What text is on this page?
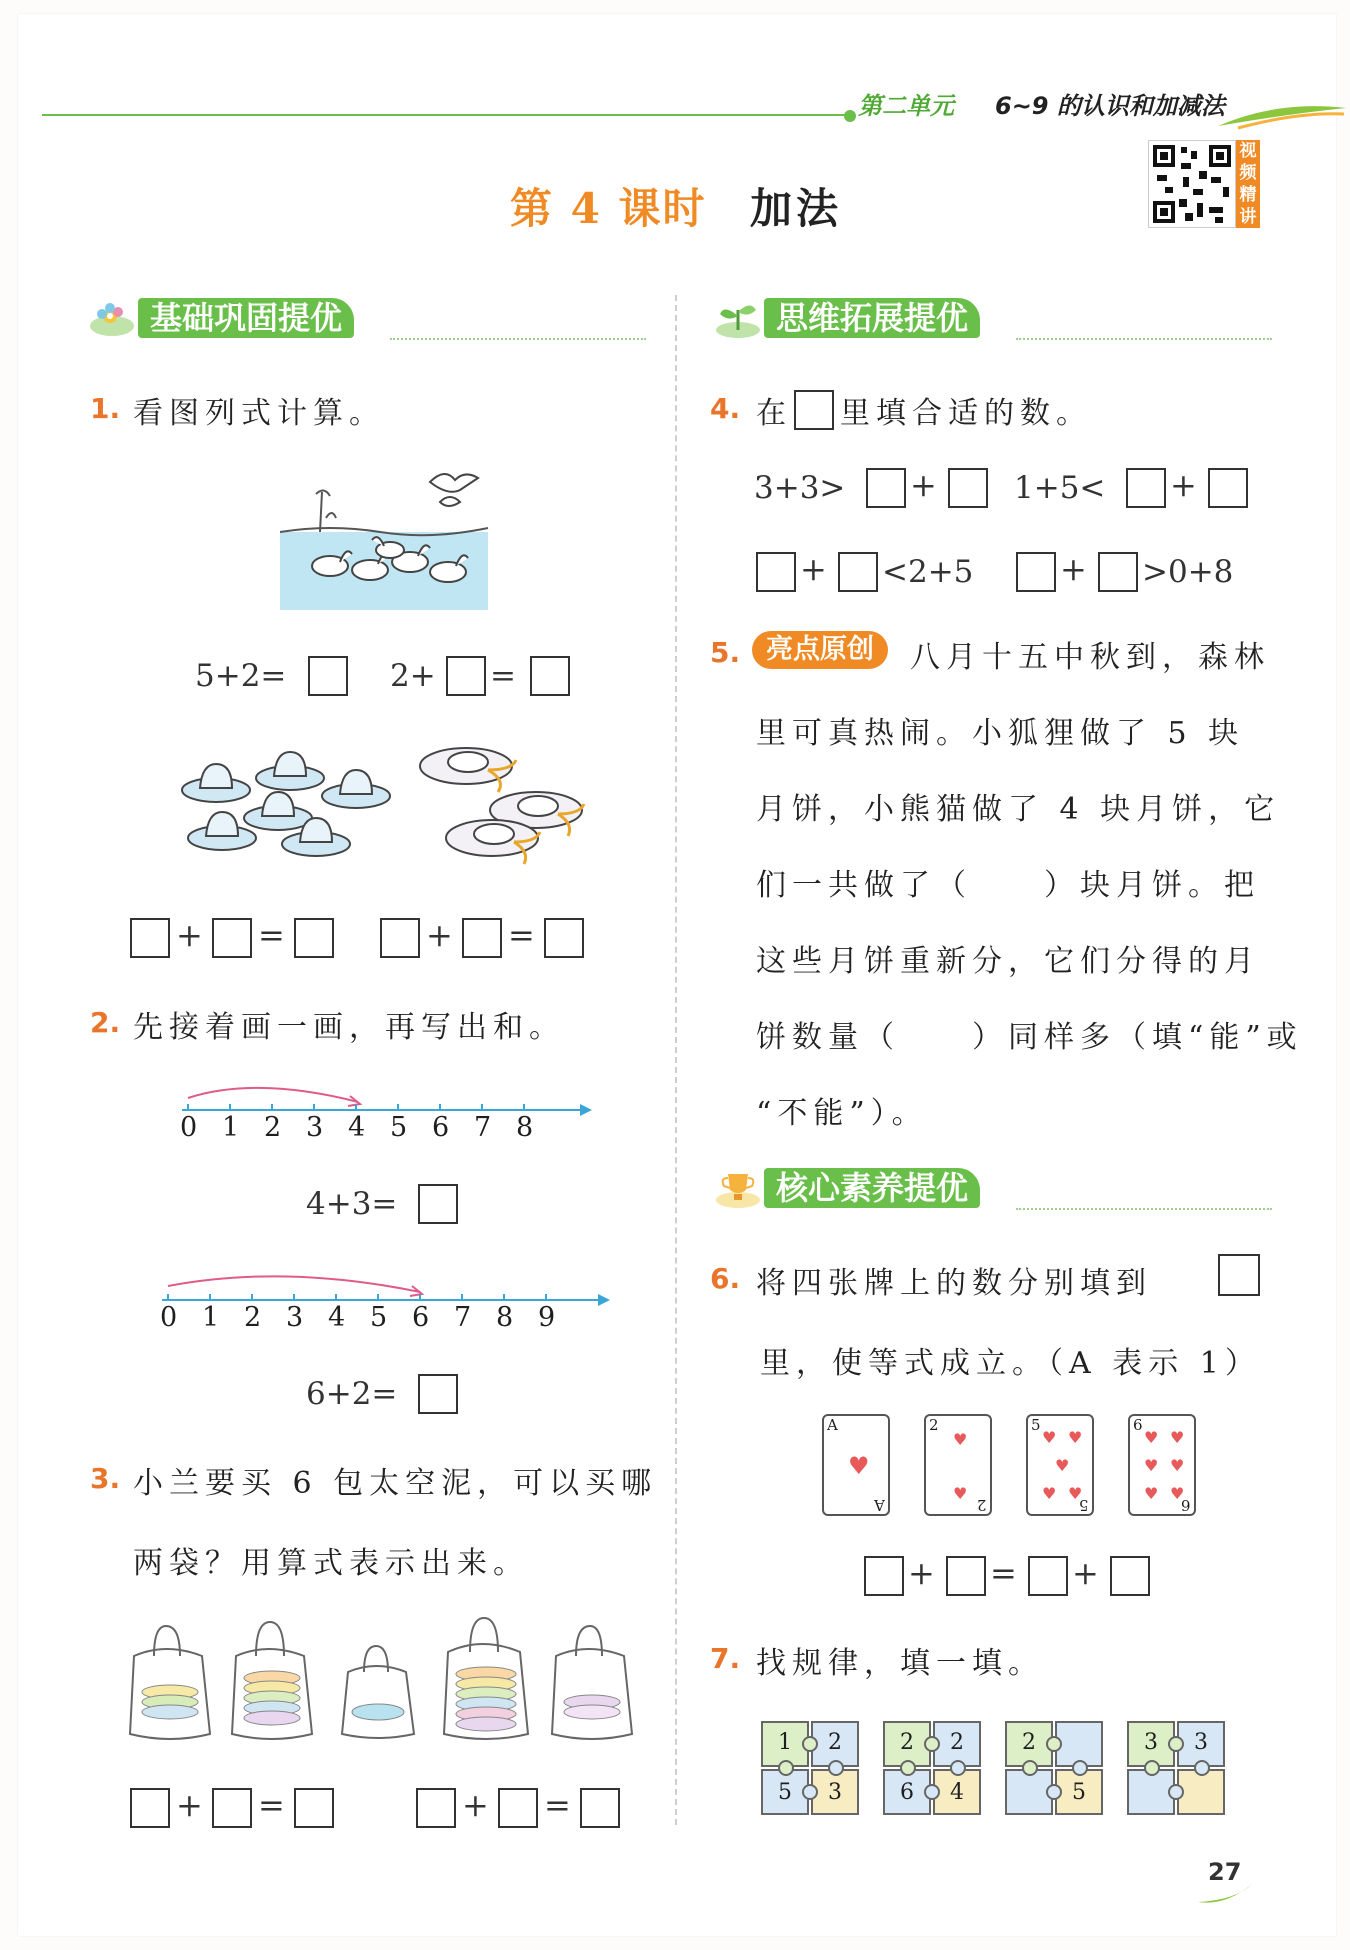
第二单元 6~9 的认识和加减法
第 4 课时 加法
视频精讲
基础巩固提优
1. 看图列式计算。
5+2=	2+ =
+ =	+ =
2. 先接着画一画，再写出和。
0 1 2 3 4 5 6 7 8
4+3=
0 1 2 3 4 5 6 7 8 9
6+2=
3. 小兰要买 6 包太空泥，可以买哪
两袋？用算式表示出来。
+ =	+ =
思维拓展提优
4. 在 里填合适的数。
3+3> + 1+5< +
+ <2+5	+ >0+8
5. 亮点原创	八月十五中秋到，森林
里可真热闹。小狐狸做了 5 块
月饼，小熊猫做了 4 块月饼，它
们一共做了（　　）块月饼。把
这些月饼重新分，它们分得的月
饼数量（　　）同样多（填“能”或
“不能”）。
核心素养提优
6. 将四张牌上的数分别填到
里，使等式成立。（A 表示 1）
A
♥
A
2
♥
♥
2
5
♥ ♥
♥
♥ ♥
5
6
♥ ♥
♥ ♥
♥ ♥
6
+ = +
7. 找规律，填一填。
1 2
5 3
2 2
6 4
2
5
3 3
27
